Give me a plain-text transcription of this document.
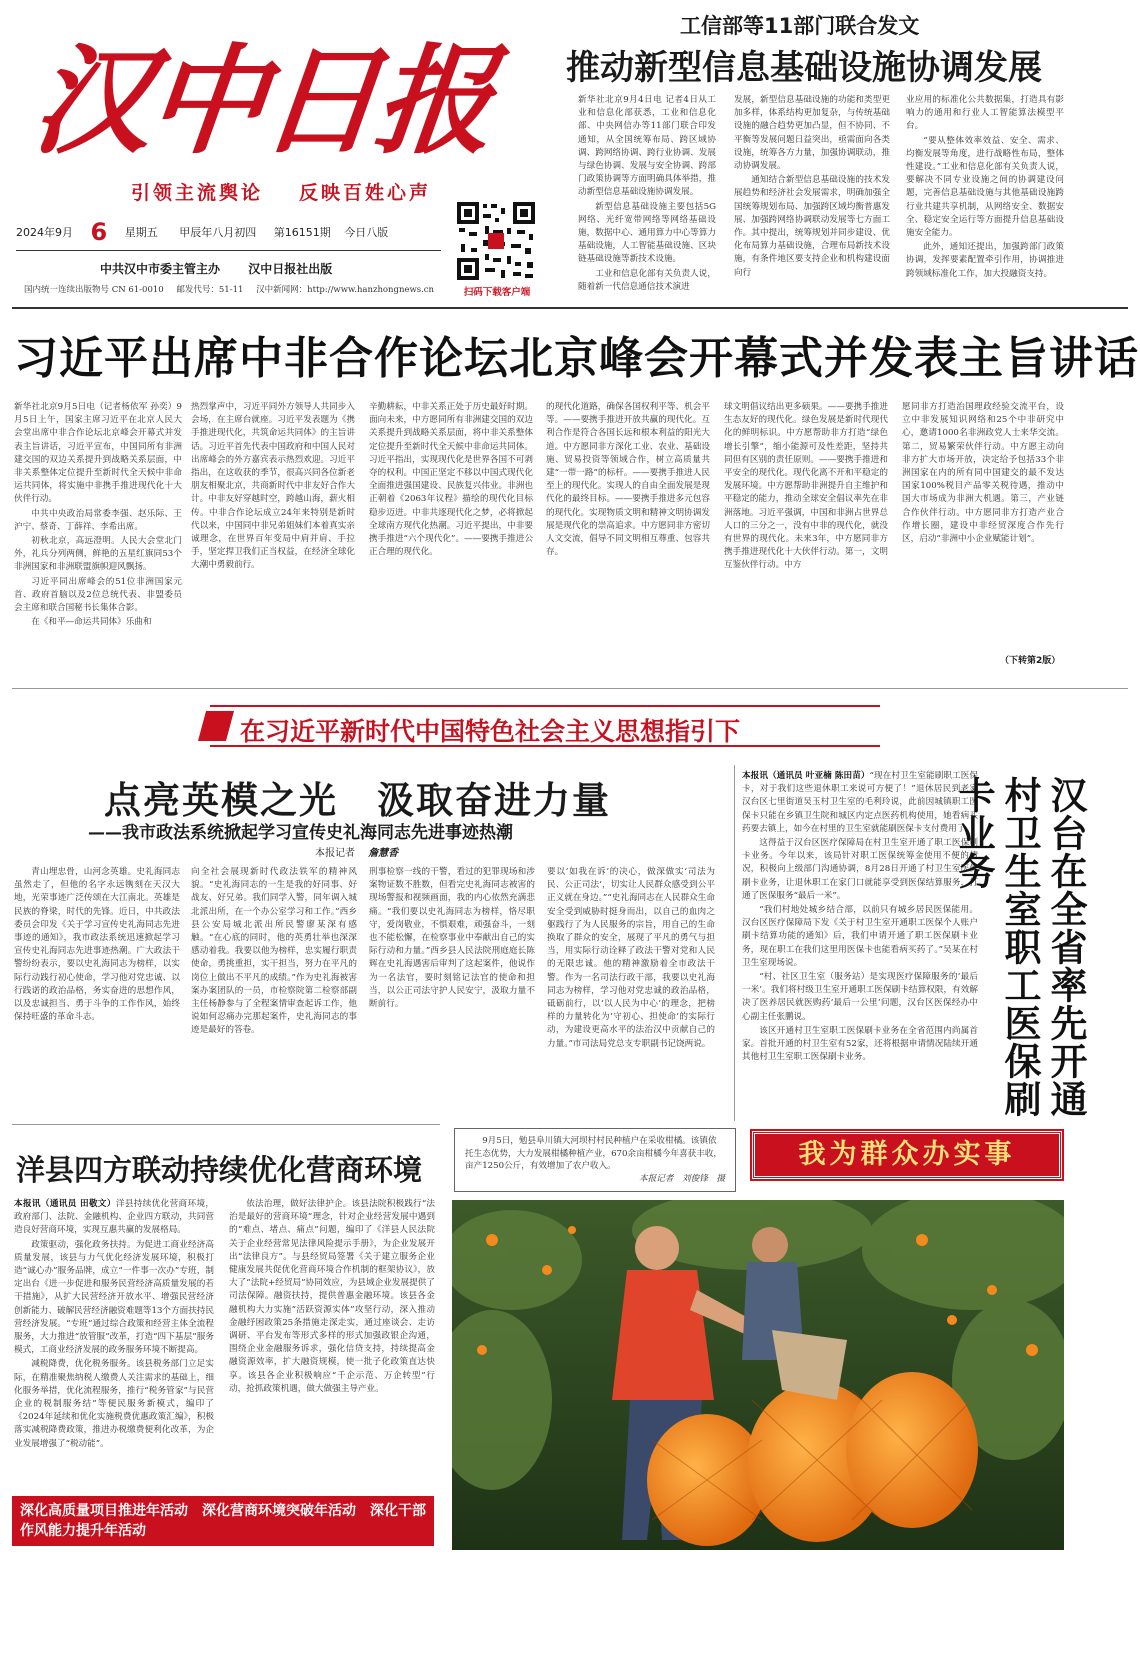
汉中日报
引领主流舆论 反映百姓心声
2024年9月 6 星期五 甲辰年八月初四 第16151期 今日八版
中共汉中市委主管主办 汉中日报社出版
国内统一连续出版物号 CN 61-0010 邮发代号：51-11 汉中新闻网：http://www.hanzhongnews.cn	扫码下载客户端
工信部等11部门联合发文
推动新型信息基础设施协调发展

新华社北京9月4日电 记者4日从工业和信息化部获悉，工业和信息化部、中央网信办等11部门联合印发通知，从全国统筹布局、跨区域协调、跨网络协调、跨行业协调、发展与绿色协调、发展与安全协调、跨部门政策协调等方面明确具体举措，推动新型信息基础设施协调发展。

新型信息基础设施主要包括5G网络、光纤宽带网络等网络基础设施，数据中心、通用算力中心等算力基础设施，人工智能基础设施、区块链基础设施等新技术设施。

工业和信息化部有关负责人说，随着新一代信息通信技术演进

发展，新型信息基础设施的功能和类型更加多样，体系结构更加复杂，与传统基础设施的融合趋势更加凸显，但不协同、不平衡等发展问题日益突出，亟需面向各类设施，统筹各方力量，加强协调联动，推动协调发展。

通知结合新型信息基础设施的技术发展趋势和经济社会发展需求，明确加强全国统筹规划布局、加强跨区域均衡普惠发展、加强跨网络协调联动发展等七方面工作。其中提出，统筹规划并同步建设、优化布局算力基础设施，合理布局新技术设施，有条件地区要支持企业和机构建设面向行

业应用的标准化公共数据集，打造具有影响力的通用和行业人工智能算法模型平台。

“要从整体效率效益、安全、需求、均衡发展等角度，进行战略性布局，整体性建设。”工业和信息化部有关负责人说，要解决不同专业设施之间的协调建设问题，完善信息基础设施与其他基础设施跨行业共建共享机制，从网络安全、数据安全、稳定安全运行等方面提升信息基础设施安全能力。

此外，通知还提出，加强跨部门政策协调，发挥要素配置牵引作用，协调推进跨领域标准化工作，加大投融资支持。

习近平出席中非合作论坛北京峰会开幕式并发表主旨讲话

新华社北京9月5日电（记者杨依军 孙奕）9月5日上午，国家主席习近平在北京人民大会堂出席中非合作论坛北京峰会开幕式并发表主旨讲话，习近平宣布，中国同所有非洲建交国的双边关系提升到战略关系层面，中非关系整体定位提升至新时代全天候中非命运共同体，将实施中非携手推进现代化十大伙伴行动。

中共中央政治局常委李强、赵乐际、王沪宁、蔡奇、丁薛祥、李希出席。

初秋北京，高远澄明。人民大会堂北门外，礼兵分列两侧，鲜艳的五星红旗同53个非洲国家和非洲联盟旗帜迎风飘扬。

习近平同出席峰会的51位非洲国家元首、政府首脑以及2位总统代表、非盟委员会主席和联合国秘书长集体合影。

在《和平—命运共同体》乐曲和

热烈掌声中，习近平同外方领导人共同步入会场，在主席台就座。习近平发表题为《携手推进现代化，共筑命运共同体》的主旨讲话。习近平首先代表中国政府和中国人民对出席峰会的外方嘉宾表示热烈欢迎。习近平指出，在这收获的季节，很高兴同各位新老朋友相聚北京，共商新时代中非友好合作大计。中非友好穿越时空，跨越山海，薪火相传。中非合作论坛成立24年来特别是新时代以来，中国同中非兄弟姐妹们本着真实亲诚理念，在世界百年变局中肩并肩、手拉手，坚定捍卫我们正当权益，在经济全球化大潮中勇毅前行。

辛勤耕耘，中非关系正处于历史最好时期。面向未来，中方愿同所有非洲建交国的双边关系提升到战略关系层面，将中非关系整体定位提升至新时代全天候中非命运共同体。习近平指出，实现现代化是世界各国不可剥夺的权利。中国正坚定不移以中国式现代化全面推进强国建设、民族复兴伟业。非洲也正朝着《2063年议程》描绘的现代化目标稳步迈进。中非共逐现代化之梦，必将掀起全球南方现代化热潮。习近平提出，中非要携手推进“六个现代化”。——要携手推进公正合理的现代化。

的现代化道路，确保各国权利平等、机会平等。——要携手推进开放共赢的现代化。互利合作是符合各国长远和根本利益的阳光大道。中方愿同非方深化工业、农业、基础设施、贸易投资等领域合作，树立高质量共建“一带一路”的标杆。——要携手推进人民至上的现代化。实现人的自由全面发展是现代化的最终目标。——要携手推进多元包容的现代化。实现物质文明和精神文明协调发展是现代化的崇高追求。中方愿同非方密切人文交流，倡导不同文明相互尊重、包容共存。

球文明倡议结出更多硕果。——要携手推进生态友好的现代化。绿色发展是新时代现代化的鲜明标识。中方愿帮助非方打造“绿色增长引擎”，缩小能源可及性差距，坚持共同但有区别的责任原则。——要携手推进和平安全的现代化。现代化离不开和平稳定的发展环境。中方愿帮助非洲提升自主维护和平稳定的能力，推动全球安全倡议率先在非洲落地。习近平强调，中国和非洲占世界总人口的三分之一，没有中非的现代化，就没有世界的现代化。未来3年，中方愿同非方携手推进现代化十大伙伴行动。第一，文明互鉴伙伴行动。中方

愿同非方打造治国理政经验交流平台，设立中非发展知识网络和25个中非研究中心，邀请1000名非洲政党人士来华交流。第二，贸易繁荣伙伴行动。中方愿主动向非方扩大市场开放，决定给予包括33个非洲国家在内的所有同中国建交的最不发达国家100%税目产品零关税待遇，推动中国大市场成为非洲大机遇。第三，产业链合作伙伴行动。中方愿同非方打造产业合作增长圈，建设中非经贸深度合作先行区，启动“非洲中小企业赋能计划”。

（下转第2版）
在习近平新时代中国特色社会主义思想指引下
点亮英模之光　汲取奋进力量
——我市政法系统掀起学习宣传史礼海同志先进事迹热潮
本报记者　 詹慧香

青山埋忠骨，山河念英雄。史礼海同志虽然走了，但他的名字永远镌刻在天汉大地，光荣事迹广泛传颂在大江南北。英雄是民族的脊梁，时代的先锋。近日，中共政法委员会印发《关于学习宣传史礼海同志先进事迹的通知》，我市政法系统迅速掀起学习宣传史礼海同志先进事迹热潮。广大政法干警纷纷表示，要以史礼海同志为榜样，以实际行动践行初心使命，学习他对党忠诚、以行践诺的政治品格，务实奋进的思想作风，以及忠诚担当、勇于斗争的工作作风，始终保持旺盛的革命斗志。

向全社会展现新时代政法铁军的精神风貌。“史礼海同志的一生是我的好同事、好战友、好兄弟。我们同学入警，同年调入城北派出所，在一个办公室学习和工作。”西乡县公安局城北派出所民警廖某深有感触。“在心底的同时，他的英勇壮举也深深感动着我。我要以他为榜样，忠实履行职责使命，勇挑重担，实干担当，努力在平凡的岗位上做出不平凡的成绩。”作为史礼海被害案办案团队的一员，市检察院第二检察部副主任杨静参与了全程案情审查起诉工作，他说如何忍痛办完那起案件，史礼海同志的事迹是最好的答卷。

刑事检察一线的干警，看过的犯罪现场和涉案物证数不胜数，但看完史礼海同志被害的现场警报和视频画面，我的内心依然充满悲痛。“我们要以史礼海同志为榜样，恪尽职守，爱岗敬业，不惧艰难，顽强奋斗，一刻也不能松懈，在检察事业中奉献出自己的实际行动和力量。”西乡县人民法院刑庭庭长陈辉在史礼海遇害后审判了这起案件，他说作为一名法官，要时刻铭记法官的使命和担当，以公正司法守护人民安宁，汲取力量不断前行。

要以‘如我在诉’的决心，做深做实‘司法为民、公正司法’，切实让人民群众感受到公平正义就在身边。”“史礼海同志在人民群众生命安全受到威胁时挺身而出，以自己的血肉之躯践行了为人民服务的宗旨，用自己的生命换取了群众的安全，展现了平凡的勇气与担当，用实际行动诠释了政法干警对党和人民的无限忠诚。他的精神激励着全市政法干警。作为一名司法行政干部，我要以史礼海同志为榜样，学习他对党忠诚的政治品格，砥砺前行，以‘以人民为中心’的理念，把榜样的力量转化为‘守初心、担使命’的实际行动，为建设更高水平的法治汉中贡献自己的力量。”市司法局党总支专职副书记饶两说。

本报讯（通讯员 叶亚楠 陈田苗）“现在村卫生室能刷职工医保卡，对于我们这些退休职工来说可方便了！”退休居民到老家汉台区七里街道吴玉村卫生室的毛利玲说，此前因城镇职工医保卡只能在乡镇卫生院和城区内定点医药机构使用，她看病买药要去镇上，如今在村里的卫生室就能刷医保卡支付费用了。

这得益于汉台区医疗保障局在村卫生室开通了职工医保刷卡业务。今年以来，该局针对职工医保统筹金使用不便的情况，积极向上级部门沟通协调，8月28日开通了村卫生室医保刷卡业务，让退休职工在家门口就能享受到医保结算服务，打通了医保服务“最后一米”。

“我们村地处城乡结合部，以前只有城乡居民医保能用。汉台区医疗保障局下发《关于村卫生室开通职工医保个人账户刷卡结算功能的通知》后，我们申请开通了职工医保刷卡业务，现在职工在我们这里用医保卡也能看病买药了。”吴某在村卫生室现场说。

“村、社区卫生室（服务站）是实现医疗保障服务的‘最后一米’。我们将村级卫生室开通职工医保刷卡结算权限，有效解决了医养居民就医购药‘最后一公里’问题，汉台区医保经办中心副主任张鹏说。

该区开通村卫生室职工医保刷卡业务在全省范围内尚属首家。首批开通的村卫生室有52家，还将根据申请情况陆续开通其他村卫生室职工医保刷卡业务。	汉台在全省率先开通村卫生室职工医保刷卡业务
我为群众办实事
9月5日，勉县阜川镇大河坝村村民种植户在采收柑橘。该镇依托生态优势，大力发展柑橘种植产业，670余亩柑橘今年喜获丰收，亩产1250公斤，有效增加了农户收入。
本报记者　刘俊锋　摄
洋县四方联动持续优化营商环境

本报讯（通讯员 田敬文）洋县持续优化营商环境，政府部门、法院、金融机构、企业四方联动，共同营造良好营商环境，实现互惠共赢的发展格局。

政策驱动，强化政务扶持。为促进工商业经济高质量发展，该县与力气优化经济发展环境，积极打造“诚心办”服务品牌，成立“一件事一次办”专班，制定出台《进一步促进和服务民营经济高质量发展的若干措施》，从扩大民营经济开放水平、增强民营经济创新能力、破解民营经济融资难题等13个方面扶持民营经济发展。“专班”通过综合政策和经营主体全流程服务，大力推进“放管服”改革，打造“四下基层”服务模式，工商业经济发展的政务服务环境不断提高。

减税降费，优化税务服务。该县税务部门立足实际，在精准聚焦纳税人缴费人关注需求的基础上，细化服务举措，优化流程服务，推行“税务管家”与民营企业的税制服务结”等便民服务新模式，编印了《2024年延续和优化实施税费优惠政策汇编》，积极落实减税降费政策，推进办税缴费便利化改革，为企业发展增强了“税动能”。

依法治理，做好法律护企。该县法院积极践行“法治是最好的营商环境”理念，针对企业经营发展中遇到的“难点、堵点、痛点”问题，编印了《洋县人民法院关于企业经营常见法律风险提示手册》，为企业发展开出“法律良方”。与县经贸局签署《关于建立服务企业健康发展共促优化营商环境合作机制的框架协议》，放大了“法院+经贸局”协同效应，为县域企业发展提供了司法保障。融资扶持，提供普惠金融环境。该县各金融机构大力实施“活跃资源实体”攻坚行动，深入推动金融纾困政策25条措施走深走实，通过座谈会、走访调研、平台发布等形式多样的形式加强政银企沟通，围绕企业金融服务诉求，强化信贷支持，持续提高金融资源效率，扩大融资规模，使一批子化政策直达快享。该县各企业积极响应“千企示范、万企转型”行动，抢抓政策机遇，做大做强主导产业。

深化高质量项目推进年活动　深化营商环境突破年活动　深化干部作风能力提升年活动
